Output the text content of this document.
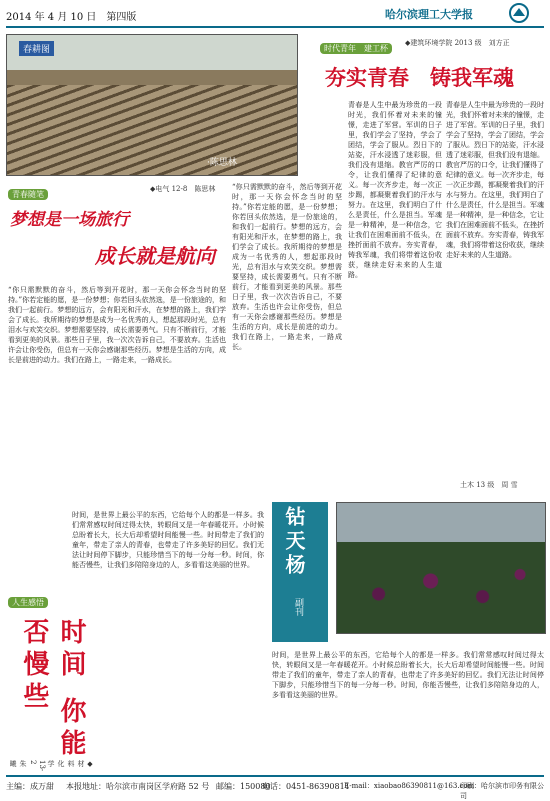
2014 年 4 月 10 日　第四版	哈尔滨理工大学报
春耕图
·陈思林
青春随笔
◆电气 12-8　陈思林
梦想是一场旅行
成长就是航向
“你只需默默的奋斗，然后等到开花时，那一天你会怀念当时的坚持。”你若定能的愿，是一份梦想；你若回头依然选，是一份旅途的，和我们一起前行。梦想的远方，会有阳光和汗水，在梦想的路上，我们学会了成长。我所期待的梦想是成为一名优秀的人，想起那段时光，总有泪水与欢笑交织。梦想需要坚持，成长需要勇气。只有不断前行，才能看到更美的风景。那些日子里，我一次次告诉自己，不要放弃。生活也许会让你受伤，但总有一天你会感谢那些经历。梦想是生活的方向，成长是前进的动力。我们在路上，一路走来，一路成长。
“你只需默默的奋斗，然后等到开花时，那一天你会怀念当时的坚持。”你若定能的愿，是一份梦想；你若回头依然选，是一份旅途的，和我们一起前行。梦想的远方，会有阳光和汗水，在梦想的路上，我们学会了成长。我所期待的梦想是成为一名优秀的人，想起那段时光，总有泪水与欢笑交织。梦想需要坚持，成长需要勇气。只有不断前行，才能看到更美的风景。那些日子里，我一次次告诉自己，不要放弃。生活也许会让你受伤，但总有一天你会感谢那些经历。梦想是生活的方向，成长是前进的动力。我们在路上，一路走来，一路成长。
时代青年　建工杯
◆建筑环境学院 2013 级　刘方正
夯实青春　铸我军魂
青春是人生中最为珍贵的一段时光，我们怀着对未来的憧憬，走进了军营。军训的日子里，我们学会了坚持，学会了团结，学会了服从。烈日下的站姿，汗水浸透了迷彩服，但我们没有退缩。教官严厉的口令，让我们懂得了纪律的意义。每一次齐步走，每一次正步踢，都凝聚着我们的汗水与努力。在这里，我们明白了什么是责任，什么是担当。军魂是一种精神，是一种信念，它让我们在困难面前不低头，在挫折面前不放弃。夯实青春，铸我军魂，我们将带着这份收获，继续走好未来的人生道路。
青春是人生中最为珍贵的一段时光，我们怀着对未来的憧憬，走进了军营。军训的日子里，我们学会了坚持，学会了团结，学会了服从。烈日下的站姿，汗水浸透了迷彩服，但我们没有退缩。教官严厉的口令，让我们懂得了纪律的意义。每一次齐步走，每一次正步踢，都凝聚着我们的汗水与努力。在这里，我们明白了什么是责任，什么是担当。军魂是一种精神，是一种信念，它让我们在困难面前不低头，在挫折面前不放弃。夯实青春，铸我军魂，我们将带着这份收获，继续走好未来的人生道路。
土木 13 级　周 雪
钻天杨
副刊
人生感悟
时间 你能否慢些
◆材料化学 13-2　朱 曦
时间，是世界上最公平的东西，它给每个人的都是一样多。我们常常感叹时间过得太快，转眼间又是一年春暖花开。小时候总盼着长大，长大后却希望时间能慢一些。时间带走了我们的童年，带走了亲人的青春，也带走了许多美好的回忆。我们无法让时间停下脚步，只能珍惜当下的每一分每一秒。时间，你能否慢些，让我们多陪陪身边的人，多看看这美丽的世界。
时间，是世界上最公平的东西，它给每个人的都是一样多。我们常常感叹时间过得太快，转眼间又是一年春暖花开。小时候总盼着长大，长大后却希望时间能慢一些。时间带走了我们的童年，带走了亲人的青春，也带走了许多美好的回忆。我们无法让时间停下脚步，只能珍惜当下的每一分每一秒。时间，你能否慢些，让我们多陪陪身边的人，多看看这美丽的世界。
主编：成万甜 本报地址：哈尔滨市南岗区学府路 52 号 邮编：150080
电话：0451-86390811
E-mail：xiaobao86390811@163.com
印刷：哈尔滨市印务有限公司
